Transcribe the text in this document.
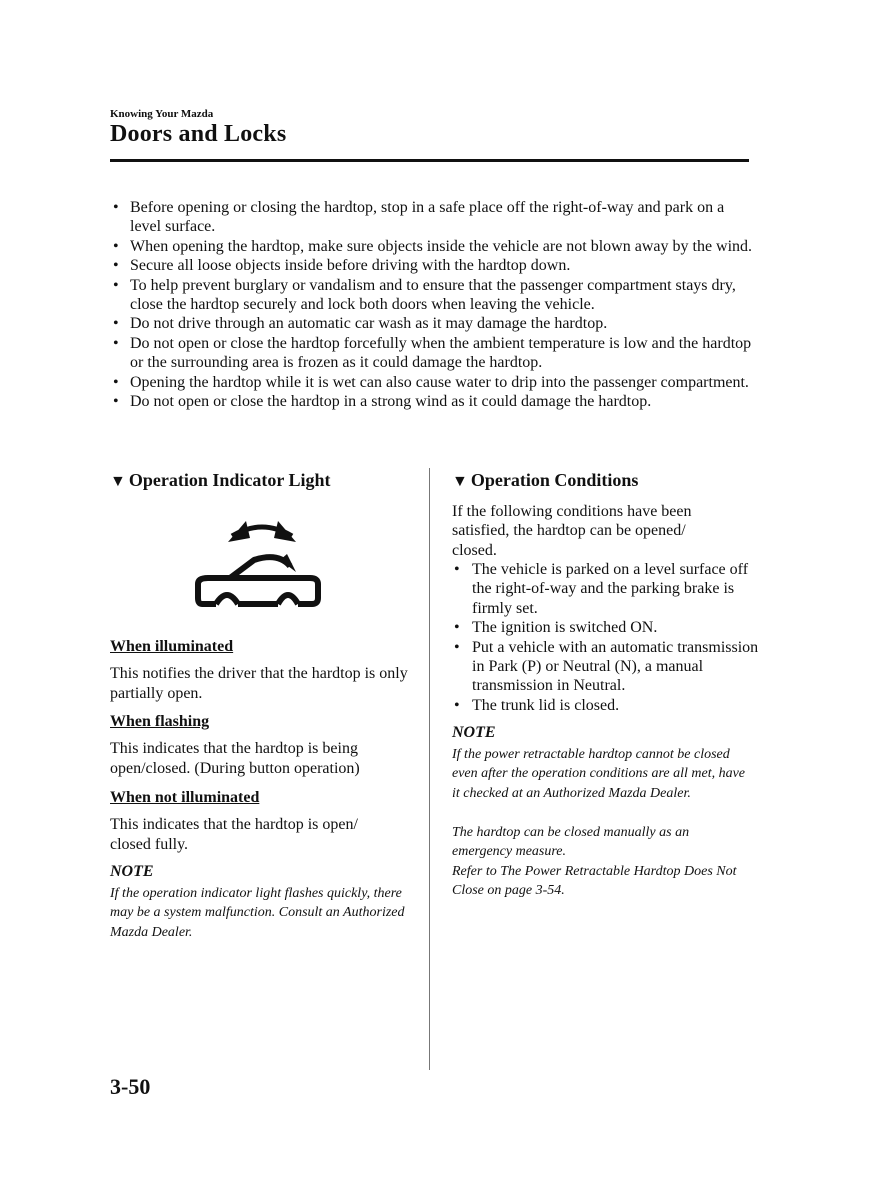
Knowing Your Mazda
Doors and Locks
• Before opening or closing the hardtop, stop in a safe place off the right-of-way and park on a level surface.
• When opening the hardtop, make sure objects inside the vehicle are not blown away by the wind.
• Secure all loose objects inside before driving with the hardtop down.
• To help prevent burglary or vandalism and to ensure that the passenger compartment stays dry, close the hardtop securely and lock both doors when leaving the vehicle.
• Do not drive through an automatic car wash as it may damage the hardtop.
• Do not open or close the hardtop forcefully when the ambient temperature is low and the hardtop or the surrounding area is frozen as it could damage the hardtop.
• Opening the hardtop while it is wet can also cause water to drip into the passenger compartment.
• Do not open or close the hardtop in a strong wind as it could damage the hardtop.
▼ Operation Indicator Light
When illuminated

This notifies the driver that the hardtop is only partially open.

When flashing

This indicates that the hardtop is being open/closed. (During button operation)

When not illuminated

This indicates that the hardtop is open/ closed fully.

NOTE

If the operation indicator light flashes quickly, there may be a system malfunction. Consult an Authorized Mazda Dealer.

▼ Operation Conditions

If the following conditions have been satisfied, the hardtop can be opened/ closed.

• The vehicle is parked on a level surface off the right-of-way and the parking brake is firmly set.
• The ignition is switched ON.
• Put a vehicle with an automatic transmission in Park (P) or Neutral (N), a manual transmission in Neutral.
• The trunk lid is closed.
NOTE

If the power retractable hardtop cannot be closed even after the operation conditions are all met, have it checked at an Authorized Mazda Dealer.

The hardtop can be closed manually as an emergency measure.

Refer to The Power Retractable Hardtop Does Not Close on page 3-54.

3-50
